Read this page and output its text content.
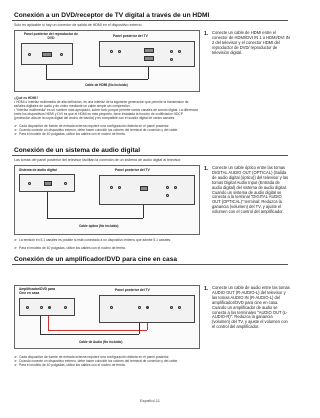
Conexión a un DVD/receptor de TV digital a través de un HDMI
Solo es aplicable si hay un conector de salida de HDMI en el dispositivo externo.
Panel posterior del reproductor de DVD	Panel posterior del TV
Cable de HDMI (No incluido)
1. Conecte un cable de HDMI entre el conector de HDMI/DVI IN 1 o HDMI/DVI IN 2 del televisor y el conector HDMI del reproductor de DVD/ reproductor de televisión digital.
¿Qué es HDMI?
• HDMI o interfaz multimedia de alta definición, es una interfaz de la siguiente generación que permite la transmisión de señales digitales de audio y de vídeo mediante un cable simple sin compresión.
• “Interfaz multimedia” es un nombre más apropiado, sobre todo porque permite varios canales de sonido digital. La diferencia entre los dispositivos HDMI y DVI es que el HDMI es más pequeño, tiene instalada la función de codificación HDCP (protección alta de la copia digital del ancho de banda) y es compatible con el sonido digital de varios canales.
➢ Cada dispositivo de fuente de entrada externa requiere una configuración distinta en el panel posterior.
➢ Cuando conecte un dispositivo externo, debe hacer coincidir los colores del terminal de conexión y del cable.
➢ Para el modelo de 40 pulgadas, utilice los cables con el núcleo de ferrita.
Conexión de un sistema de audio digital
Las tomas del panel posterior del televisor facilitan la conexión de un sistema de audio digital al televisor.
Sistema de audio digital	Panel posterior del TV
Cable óptico (No incluido)
1. Conecte un cable óptico entre las tomas DIGITAL AUDIO OUT (OPTICAL) (Salida de audio digital (óptico)) del televisor y las tomas Digital Audio Input (Entrada de audio digital) del sistema de audio digital. Cuando un sistema de audio digital se conecta a la terminal "DIGITAL AUDIO OUT (OPTICAL)" terminal: Reduzca la ganancia (volumen) del TV, y ajuste el volumen con el control del amplificador.
➢ La emisión en 5.1 canales es posible si está conectado a un dispositivo externo que admite 5.1 canales.
➢ Para el modelo de 40 pulgadas, utilice los cables con el núcleo de ferrita.
Conexión de un amplificador/DVD para cine en casa
Amplificador/DVD para Cine en casa
Panel posterior del TV
Cable de Audio (No incluido)
1. Conecte un cable de audio entre las tomas AUDIO OUT (R-AUDIO-L) del televisor y las tomas AUDIO IN (R-AUDIO-L) del amplificador/DVD para cine en casa. Cuando un amplificador de audio se conecta a los terminales "AUDIO OUT (L-AUDIO-R)": Reduzca la ganancia (volumen) del TV, y ajuste el volumen con el control del amplificador.
➢ Cada dispositivo de fuente de entrada externa requiere una configuración distinta en el panel posterior.
➢ Cuando conecte un dispositivo externo, debe hacer coincidir los colores del terminal de conexión y del cable.
➢ Para el modelo de 40 pulgadas, utilice los cables con el núcleo de ferrita.
Español-11
